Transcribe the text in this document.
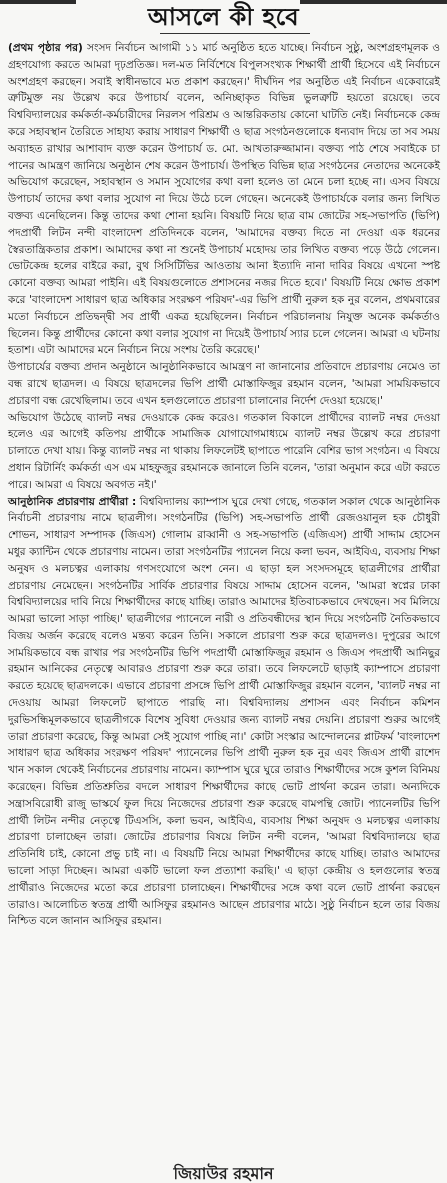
আসলে কী হবে

(প্রথম পৃষ্ঠার পর) সংসদ নির্বাচন আগামী ১১ মার্চ অনুষ্ঠিত হতে যাচ্ছে। নির্বাচন সুষ্ঠু, অংশগ্রহণমূলক ও গ্রহণযোগ্য করতে আমরা দৃঢ়প্রতিজ্ঞ। দল-মত নির্বিশেষে বিপুলসংখ্যক শিক্ষার্থী প্রার্থী হিসেবে এই নির্বাচনে অংশগ্রহণ করছেন। সবাই স্বাধীনভাবে মত প্রকাশ করছেন।' দীর্ঘদিন পর অনুষ্ঠিত এই নির্বাচন একেবারেই ত্রুটিমুক্ত নয় উল্লেখ করে উপাচার্য বলেন, অনিচ্ছাকৃত বিভিন্ন ভুলত্রুটি হয়তো রয়েছে। তবে বিশ্ববিদ্যালয়ের কর্মকর্তা-কর্মচারীদের নিরলস পরিশ্রম ও আন্তরিকতায় কোনো ঘাটতি নেই। নির্বাচনকে কেন্দ্র করে সহাবস্থান তৈরিতে সাহায্য করায় সাধারণ শিক্ষার্থী ও ছাত্র সংগঠনগুলোকে ধন্যবাদ দিয়ে তা সব সময় অব্যাহত রাখার আশাবাদ ব্যক্ত করেন উপাচার্য ড. মো. আখতারুজ্জামান। বক্তব্য পাঠ শেষে সবাইকে চা পানের আমন্ত্রণ জানিয়ে অনুষ্ঠান শেষ করেন উপাচার্য। উপস্থিত বিভিন্ন ছাত্র সংগঠনের নেতাদের অনেকেই অভিযোগ করেছেন, সহাবস্থান ও সমান সুযোগের কথা বলা হলেও তা মেনে চলা হচ্ছে না। এসব বিষয়ে উপাচার্য তাদের কথা বলার সুযোগ না দিয়ে উঠে চলে গেছেন। অনেকেই উপাচার্যকে বলার জন্য লিখিত বক্তব্য এনেছিলেন। কিন্তু তাদের কথা শোনা হয়নি। বিষয়টি নিয়ে ছাত্র বাম জোটের সহ-সভাপতি (ভিপি) পদপ্রার্থী লিটন নন্দী বাংলাদেশ প্রতিদিনকে বলেন, 'আমাদের বক্তব্য দিতে না দেওয়া এক ধরনের স্বৈরতান্ত্রিকতার প্রকাশ। আমাদের কথা না শুনেই উপাচার্য মহোদয় তার লিখিত বক্তব্য পড়ে উঠে গেলেন। ভোটকেন্দ্র হলের বাইরে করা, বুথ সিসিটিভির আওতায় আনা ইত্যাদি নানা দাবির বিষয়ে এখনো স্পষ্ট কোনো বক্তব্য আমরা পাইনি। এই বিষয়গুলোতে প্রশাসনের নজর দিতে হবে।' বিষয়টি নিয়ে ক্ষোভ প্রকাশ করে 'বাংলাদেশ সাধারণ ছাত্র অধিকার সংরক্ষণ পরিষদ'-এর ভিপি প্রার্থী নুরুল হক নুর বলেন, প্রথমবারের মতো নির্বাচনে প্রতিদ্বন্দ্বী সব প্রার্থী একত্র হয়েছিলেন। নির্বাচন পরিচালনায় নিযুক্ত অনেক কর্মকর্তাও ছিলেন। কিন্তু প্রার্থীদের কোনো কথা বলার সুযোগ না দিয়েই উপাচার্য স্যার চলে গেলেন। আমরা এ ঘটনায় হতাশ। এটা আমাদের মনে নির্বাচন নিয়ে সংশয় তৈরি করেছে।'

উপাচার্যের বক্তব্য প্রদান অনুষ্ঠানে আনুষ্ঠানিকভাবে আমন্ত্রণ না জানানোর প্রতিবাদে প্রচারণায় নেমেও তা বন্ধ রাখে ছাত্রদল। এ বিষয়ে ছাত্রদলের ভিপি প্রার্থী মোস্তাফিজুর রহমান বলেন, 'আমরা সাময়িকভাবে প্রচারণা বন্ধ রেখেছিলাম। তবে এখন হলগুলোতে প্রচারণা চালানোর নির্দেশ দেওয়া হয়েছে।'

অভিযোগ উঠেছে ব্যালট নম্বর দেওয়াকে কেন্দ্র করেও। গতকাল বিকালে প্রার্থীদের ব্যালট নম্বর দেওয়া হলেও এর আগেই কতিপয় প্রার্থীকে সামাজিক যোগাযোগমাধ্যমে ব্যালট নম্বর উল্লেখ করে প্রচারণা চালাতে দেখা যায়। কিন্তু ব্যালট নম্বর না থাকায় লিফলেটই ছাপাতে পারেনি বেশির ভাগ সংগঠন। এ বিষয়ে প্রধান রিটার্নিং কর্মকর্তা এস এম মাহফুজুর রহমানকে জানালে তিনি বলেন, 'তারা অনুমান করে এটা করতে পারে। আমরা এ বিষয়ে অবগত নই।'

আনুষ্ঠানিক প্রচারণায় প্রার্থীরা : বিশ্ববিদ্যালয় ক্যাম্পাস ঘুরে দেখা গেছে, গতকাল সকাল থেকে আনুষ্ঠানিক নির্বাচনী প্রচারণায় নামে ছাত্রলীগ। সংগঠনটির (ভিপি) সহ-সভাপতি প্রার্থী রেজওয়ানুল হক চৌধুরী শোভন, সাধারণ সম্পাদক (জিএস) গোলাম রাব্বানী ও সহ-সভাপতি (এজিএস) প্রার্থী সাদ্দাম হোসেন মধুর ক্যান্টিন থেকে প্রচারণায় নামেন। তারা সংগঠনটির প্যানেল নিয়ে কলা ভবন, আইবিএ, ব্যবসায় শিক্ষা অনুষদ ও মলচত্বর এলাকায় গণসংযোগে অংশ নেন। এ ছাড়া হল সংসদসমূহে ছাত্রলীগের প্রার্থীরা প্রচারণায় নেমেছেন। সংগঠনটির সার্বিক প্রচারণার বিষয়ে সাদ্দাম হোসেন বলেন, 'আমরা স্বপ্নের ঢাকা বিশ্ববিদ্যালয়ের দাবি নিয়ে শিক্ষার্থীদের কাছে যাচ্ছি। তারাও আমাদের ইতিবাচকভাবে দেখছেন। সব মিলিয়ে আমরা ভালো সাড়া পাচ্ছি।' ছাত্রলীগের প্যানেলে নারী ও প্রতিবন্ধীদের স্থান দিয়ে সংগঠনটি নৈতিকভাবে বিজয় অর্জন করেছে বলেও মন্তব্য করেন তিনি। সকালে প্রচারণা শুরু করে ছাত্রদলও। দুপুরের আগে সাময়িকভাবে বন্ধ রাখার পর সংগঠনটির ভিপি পদপ্রার্থী মোস্তাফিজুর রহমান ও জিএস পদপ্রার্থী আনিছুর রহমান আনিকের নেতৃত্বে আবারও প্রচারণা শুরু করে তারা। তবে লিফলেটে ছাড়াই ক্যাম্পাসে প্রচারণা করতে হয়েছে ছাত্রদলকে। এভাবে প্রচারণা প্রসঙ্গে ভিপি প্রার্থী মোস্তাফিজুর রহমান বলেন, 'ব্যালট নম্বর না দেওয়ায় আমরা লিফলেট ছাপাতে পারছি না। বিশ্ববিদ্যালয় প্রশাসন এবং নির্বাচন কমিশন দুরভিসন্ধিমূলকভাবে ছাত্রলীগকে বিশেষ সুবিধা দেওয়ার জন্য ব্যালট নম্বর দেয়নি। প্রচারণা শুরুর আগেই তারা প্রচারণা করেছে, কিন্তু আমরা সেই সুযোগ পাচ্ছি না।' কোটা সংস্কার আন্দোলনের প্লাটফর্ম 'বাংলাদেশ সাধারণ ছাত্র অধিকার সংরক্ষণ পরিষদ' প্যানেলের ভিপি প্রার্থী নুরুল হক নুর এবং জিএস প্রার্থী রাশেদ খান সকাল থেকেই নির্বাচনের প্রচারণায় নামেন। ক্যাম্পাস ঘুরে ঘুরে তারাও শিক্ষার্থীদের সঙ্গে কুশল বিনিময় করেছেন। বিভিন্ন প্রতিশ্রুতির বদলে সাধারণ শিক্ষার্থীদের কাছে ভোট প্রার্থনা করেন তারা। অন্যদিকে সন্ত্রাসবিরোধী রাজু ভাস্কর্যে ফুল দিয়ে নিজেদের প্রচারণা শুরু করেছে বামপন্থি জোট। প্যানেলটির ভিপি প্রার্থী লিটন নন্দীর নেতৃত্বে টিএসসি, কলা ভবন, আইবিএ, ব্যবসায় শিক্ষা অনুষদ ও মলচত্বর এলাকায় প্রচারণা চালাচ্ছেন তারা। জোটের প্রচারণার বিষয়ে লিটন নন্দী বলেন, 'আমরা বিশ্ববিদ্যালয়ে ছাত্র প্রতিনিধি চাই, কোনো প্রভু চাই না। এ বিষয়টি নিয়ে আমরা শিক্ষার্থীদের কাছে যাচ্ছি। তারাও আমাদের ভালো সাড়া দিচ্ছেন। আমরা একটি ভালো ফল প্রত্যাশা করছি।' এ ছাড়া কেন্দ্রীয় ও হলগুলোর স্বতন্ত্র প্রার্থীরাও নিজেদের মতো করে প্রচারণা চালাচ্ছেন। শিক্ষার্থীদের সঙ্গে কথা বলে ভোট প্রার্থনা করছেন তারাও। আলোচিত স্বতন্ত্র প্রার্থী আসিফুর রহমানও আছেন প্রচারণার মাঠে। সুষ্ঠু নির্বাচন হলে তার বিজয় নিশ্চিত বলে জানান আসিফুর রহমান।

জিয়াউর রহমান
